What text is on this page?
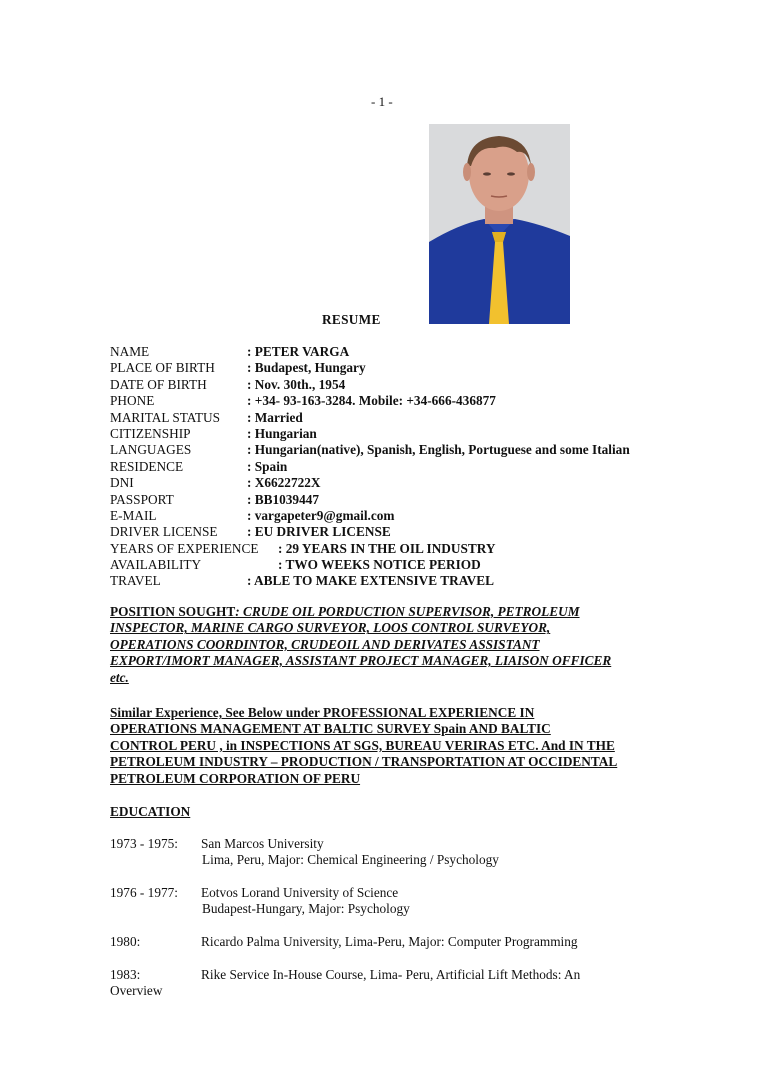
- 1 -
RESUME
NAME	: PETER VARGA
PLACE OF BIRTH : Budapest, Hungary
DATE OF BIRTH	: Nov. 30th., 1954
PHONE	: +34- 93-163-3284. Mobile: +34-666-436877
MARITAL STATUS : Married
CITIZENSHIP	: Hungarian
LANGUAGES	: Hungarian(native), Spanish, English, Portuguese and some Italian
RESIDENCE	: Spain
DNI	: X6622722X
PASSPORT	: BB1039447
E-MAIL	: vargapeter9@gmail.com
DRIVER LICENSE : EU DRIVER LICENSE
YEARS OF EXPERIENCE : 29 YEARS IN THE OIL INDUSTRY
AVAILABILITY	: TWO WEEKS NOTICE PERIOD
TRAVEL	: ABLE TO MAKE EXTENSIVE TRAVEL
POSITION SOUGHT: CRUDE OIL PORDUCTION SUPERVISOR, PETROLEUM
INSPECTOR, MARINE CARGO SURVEYOR, LOOS CONTROL SURVEYOR,
OPERATIONS COORDINTOR, CRUDEOIL AND DERIVATES ASSISTANT
EXPORT/IMORT MANAGER, ASSISTANT PROJECT MANAGER, LIAISON OFFICER
etc.
Similar Experience, See Below under PROFESSIONAL EXPERIENCE IN
OPERATIONS MANAGEMENT AT BALTIC SURVEY Spain AND BALTIC
CONTROL PERU , in INSPECTIONS AT SGS, BUREAU VERIRAS ETC. And IN THE
PETROLEUM INDUSTRY – PRODUCTION / TRANSPORTATION AT OCCIDENTAL
PETROLEUM CORPORATION OF PERU
EDUCATION
1973 - 1975: San Marcos University
Lima, Peru, Major: Chemical Engineering / Psychology
1976 - 1977: Eotvos Lorand University of Science
Budapest-Hungary, Major: Psychology
1980:	Ricardo Palma University, Lima-Peru, Major: Computer Programming
1983:	Rike Service In-House Course, Lima- Peru, Artificial Lift Methods: An
Overview
